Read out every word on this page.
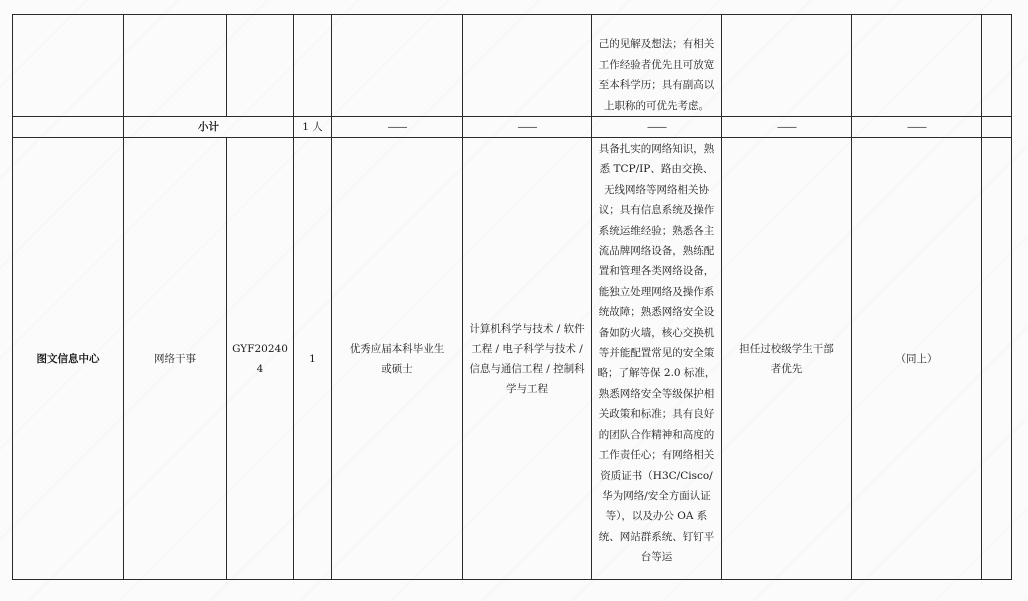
						己的见解及想法；有相关工作经验者优先且可放宽至本科学历；具有副高以上职称的可优先考虑。			
	小计		1 人	——	——	——	——	——	
图文信息中心	网络干事	GYF202404	1	优秀应届本科毕业生或硕士	计算机科学与技术 / 软件工程 / 电子科学与技术 / 信息与通信工程 / 控制科学与工程	具备扎实的网络知识，熟悉 TCP/IP、路由交换、无线网络等网络相关协议；具有信息系统及操作系统运维经验；熟悉各主流品牌网络设备，熟练配置和管理各类网络设备，能独立处理网络及操作系统故障；熟悉网络安全设备如防火墙，核心交换机等并能配置常见的安全策略；了解等保 2.0 标准，熟悉网络安全等级保护相关政策和标准；具有良好的团队合作精神和高度的工作责任心；有网络相关资质证书（H3C/Cisco/华为网络/安全方面认证等），以及办公 OA 系统、网站群系统、钉钉平台等运	担任过校级学生干部者优先	（同上）	
